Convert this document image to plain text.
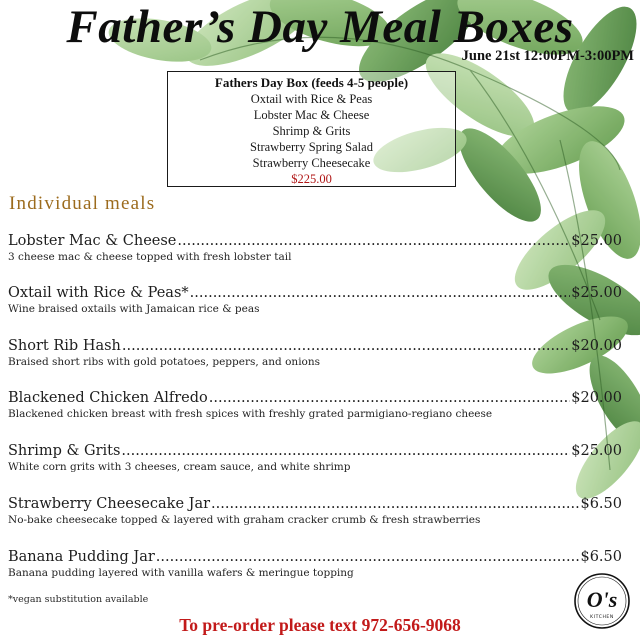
Father’s Day Meal Boxes
June 21st 12:00PM-3:00PM
Fathers Day Box (feeds 4-5 people)
Oxtail with Rice & Peas
Lobster Mac & Cheese
Shrimp & Grits
Strawberry Spring Salad
Strawberry Cheesecake
$225.00
Individual meals
Lobster Mac & Cheese .....	$25.00
3 cheese mac & cheese topped with fresh lobster tail
Oxtail with Rice & Peas* .....	$25.00
Wine braised oxtails with Jamaican rice & peas
Short Rib Hash .....	$20.00
Braised short ribs with gold potatoes, peppers, and onions
Blackened Chicken Alfredo .....	$20.00
Blackened chicken breast with fresh spices with freshly grated parmigiano-regiano cheese
Shrimp & Grits .....	$25.00
White corn grits with 3 cheeses, cream sauce, and white shrimp
Strawberry Cheesecake Jar .....	$6.50
No-bake cheesecake topped & layered with graham cracker crumb & fresh strawberries
Banana Pudding Jar .....	$6.50
Banana pudding layered with vanilla wafers & meringue topping
*vegan substitution available
To pre-order please text 972-656-9068
O's
KITCHEN
